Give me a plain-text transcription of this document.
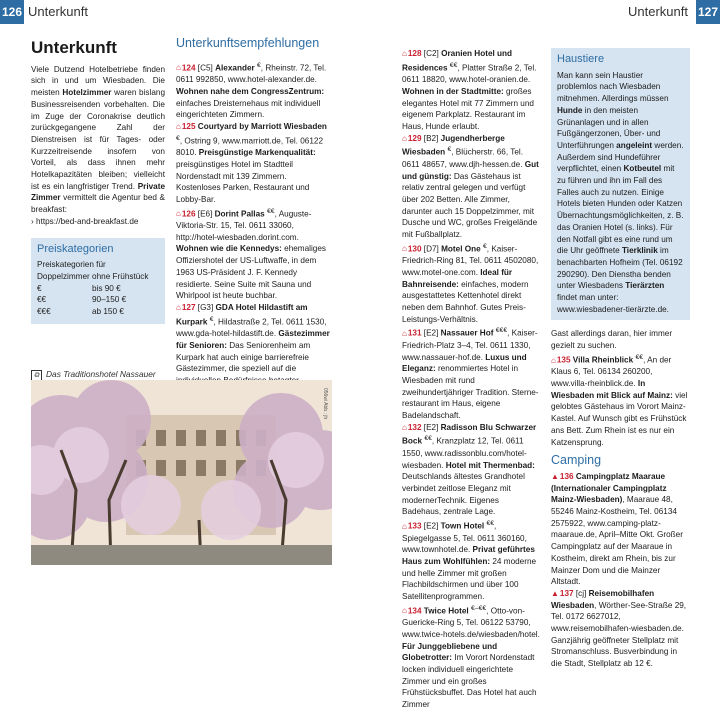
126 Unterkunft	Unterkunft 127
Unterkunft

Viele Dutzend Hotelbetriebe finden sich in und um Wiesbaden. Die meisten Hotelzimmer waren bislang Businessreisenden vorbehalten. Die im Zuge der Coronakrise deutlich zurückgegangene Zahl der Dienstreisen ist für Tages- oder Kurzzeitreisende insofern von Vorteil, als dass ihnen mehr Hotelkapazitäten bleiben; vielleicht ist es ein langfristiger Trend. Private Zimmer vermittelt die Agentur bed & breakfast:

› https://bed-and-breakfast.de

Preiskategorien
Preiskategorien für Doppelzimmer ohne Frühstück
€	bis 90 €
€€	90–150 €
€€€	ab 150 €
⧉ Das Traditionshotel Nassauer
Unterkunftsempfehlungen

⌂124 [C5] Alexander €, Rheinstr. 72, Tel. 0611 992850, www.hotel-alexander.de. Wohnen nahe dem CongressZentrum: einfaches Dreisternehaus mit individuell eingerichteten Zimmern.

⌂125 Courtyard by Marriott Wiesbaden €, Ostring 9, www.marriott.de, Tel. 06122 8010. Preisgünstige Markenqualität: preisgünstiges Hotel im Stadtteil Nordenstadt mit 139 Zimmern. Kostenloses Parken, Restaurant und Lobby-Bar.

⌂126 [E6] Dorint Pallas €€, Auguste-Viktoria-Str. 15, Tel. 0611 33060, http://hotel-wiesbaden.dorint.com. Wohnen wie die Kennedys: ehemaliges Offiziershotel der US-Luftwaffe, in dem 1963 US-Präsident J. F. Kennedy residierte. Seine Suite mit Sauna und Whirlpool ist heute buchbar.

⌂127 [G3] GDA Hotel Hildastift am Kurpark €, Hildastraße 2, Tel. 0611 1530, www.gda-hotel-hildastift.de. Gästezimmer für Senioren: Das Seniorenheim am Kurpark hat auch einige barrierefreie Gästezimmer, die speziell auf die

056wi Abb.: jh

⌂128 [C2] Oranien Hotel und Residences €€, Platter Straße 2, Tel. 0611 18820, www.hotel-oranien.de. Wohnen in der Stadtmitte: großes elegantes Hotel mit 77 Zimmern und eigenem Parkplatz. Restaurant im Haus, Hunde erlaubt.

⌂129 [B2] Jugendherberge Wiesbaden €, Blücherstr. 66, Tel. 0611 48657, www.djh-hessen.de. Gut und günstig: Das Gästehaus ist relativ zentral gelegen und verfügt über 202 Betten. Alle Zimmer, darunter auch 15 Doppelzimmer, mit Dusche und WC, großes Freigelände mit Fußballplatz.

⌂130 [D7] Motel One €, Kaiser-Friedrich-Ring 81, Tel. 0611 4502080, www.motel-one.com. Ideal für Bahnreisende: einfaches, modern ausgestattetes Kettenhotel direkt neben dem Bahnhof. Gutes Preis-Leistungs-Verhältnis.

⌂131 [E2] Nassauer Hof €€€, Kaiser-Friedrich-Platz 3–4, Tel. 0611 1330, www.nassauer-hof.de. Luxus und Eleganz: renommiertes Hotel in Wiesbaden mit rund zweihundertjähriger Tradition. Sterne-restaurant im Haus, eigene Badelandschaft.

⌂132 [E2] Radisson Blu Schwarzer Bock €€, Kranzplatz 12, Tel. 0611 1550, www.radissonblu.com/hotel-wiesbaden. Hotel mit Thermenbad: Deutschlands ältestes Grandhotel verbindet zeitlose Eleganz mit modernerTechnik. Eigenes Badehaus, zentrale Lage.

⌂133 [E2] Town Hotel €€, Spiegelgasse 5, Tel. 0611 360160, www.townhotel.de. Privat geführtes Haus zum Wohlfühlen: 24 moderne und helle Zimmer mit großen Flachbildschirmen und über 100 Satellitenprogrammen.

⌂134 Twice Hotel €–€€, Otto-von-Guericke-Ring 5, Tel. 06122 53790, www.twice-hotels.de/wiesbaden/hotel. Für Junggebliebene und Globetrotter: Im Vorort Nordenstadt locken individuell eingerichtete Zimmer und ein großes Frühstücksbuffet. Das Hotel hat auch Zimmer

Haustiere

Man kann sein Haustier problemlos nach Wiesbaden mitnehmen. Allerdings müssen Hunde in den meisten Grünanlagen und in allen Fußgängerzonen, Über- und Unterführungen angeleint werden. Außerdem sind Hundeführer verpflichtet, einen Kotbeutel mit zu führen und ihn im Fall des Falles auch zu nutzen. Einige Hotels bieten Hunden oder Katzen Übernachtungsmöglichkeiten, z. B. das Oranien Hotel (s. links). Für den Notfall gibt es eine rund um die Uhr geöffnete Tierklinik im benachbarten Hofheim (Tel. 06192 290290). Den Dienstha benden unter Wiesbadens Tierärzten findet man unter: www.wiesbadener-tierärzte.de.

Gast allerdings daran, hier immer gezielt zu suchen.

⌂135 Villa Rheinblick €€, An der Klaus 6, Tel. 06134 260200, www.villa-rheinblick.de. In Wiesbaden mit Blick auf Mainz: viel gelobtes Gästehaus im Vorort Mainz-Kastel. Auf Wunsch gibt es Frühstück ans Bett. Zum Rhein ist es nur ein Katzensprung.

Camping

▲136 Campingplatz Maaraue (Internationaler Campingplatz Mainz-Wiesbaden), Maaraue 48, 55246 Mainz-Kostheim, Tel. 06134 2575922, www.camping-platz-maaraue.de, April–Mitte Okt. Großer Campingplatz auf der Maaraue in Kostheim, direkt am Rhein, bis zur Mainzer Dom und die Mainzer Altstadt.

▲137 [cj] Reisemobilhafen Wiesbaden, Wörther-See-Straße 29, Tel. 0172 6627012, www.reisemobilhafen-wiesbaden.de. Ganzjährig geöffneter Stellplatz mit Stromanschluss. Busverbindung in die Stadt, Stellplatz ab 12 €.
